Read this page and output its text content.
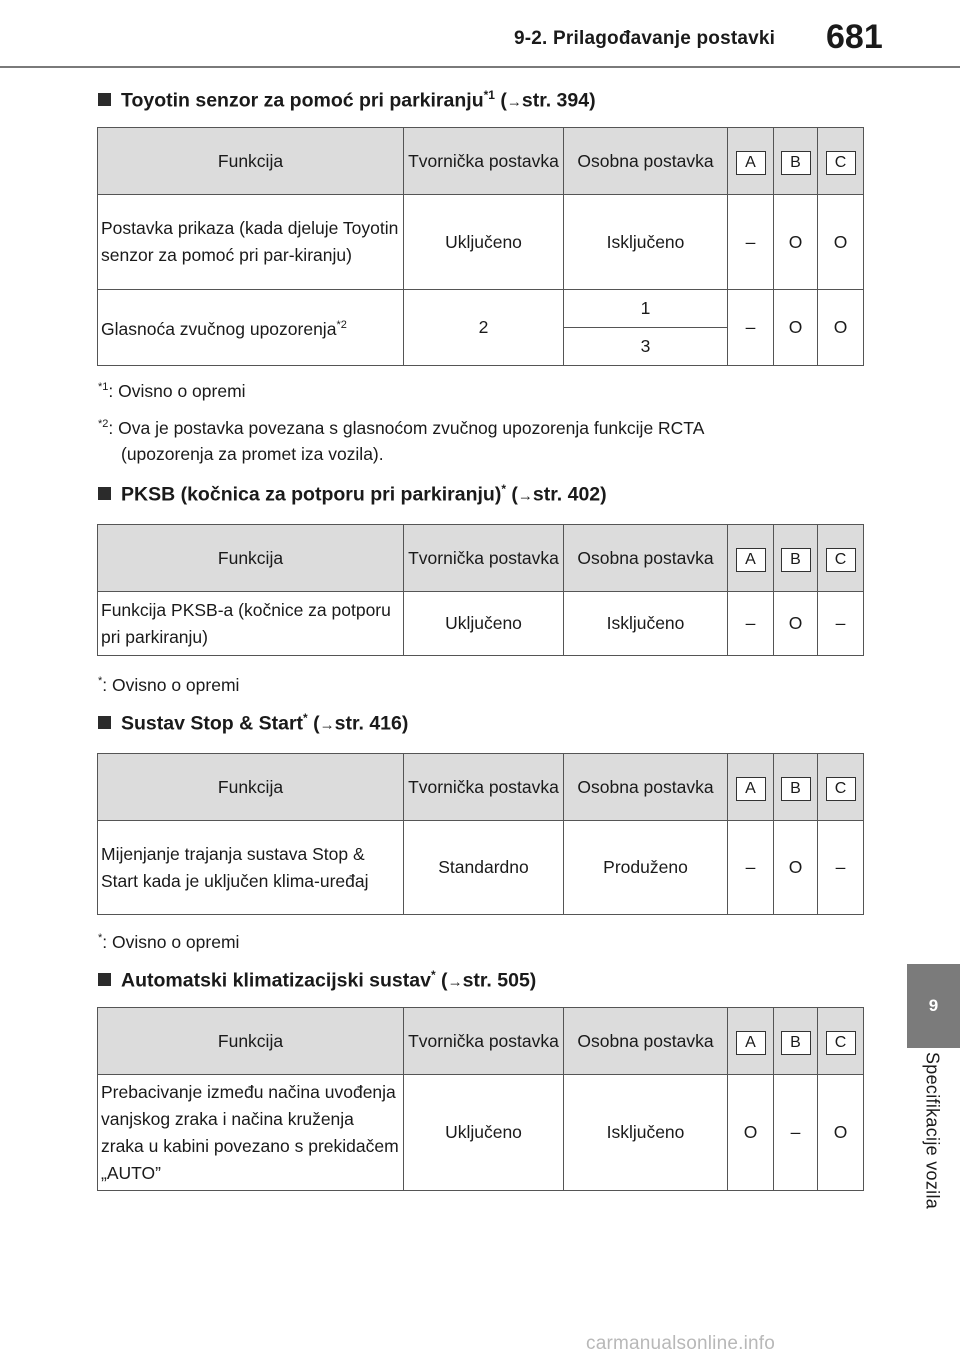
9-2. Prilagođavanje postavki 681
9
Specifikacije vozila
Toyotin senzor za pomoć pri parkiranju$^{*1}$ (→str. 394)
Funkcija	Tvornička postavka	Osobna postavka	A	B	C
Postavka prikaza (kada djeluje Toyotin senzor za pomoć pri par-kiranju)	Uključeno	Isključeno	–	O	O
Glasnoća zvučnog upozorenja$^{*2}$	2	1	–	O	O
		3			
$^{*1}$: Ovisno o opremi
$^{*2}$: Ova je postavka povezana s glasnoćom zvučnog upozorenja funkcije RCTA
(upozorenja za promet iza vozila).
PKSB (kočnica za potporu pri parkiranju)* (→str. 402)
Funkcija	Tvornička postavka	Osobna postavka	A	B	C
Funkcija PKSB-a (kočnice za potporu pri parkiranju)	Uključeno	Isključeno	–	O	–
*: Ovisno o opremi
Sustav Stop & Start* (→str. 416)
Funkcija	Tvornička postavka	Osobna postavka	A	B	C
Mijenjanje trajanja sustava Stop & Start kada je uključen klima-uređaj	Standardno	Produženo	–	O	–
*: Ovisno o opremi
Automatski klimatizacijski sustav* (→str. 505)
Funkcija	Tvornička postavka	Osobna postavka	A	B	C
Prebacivanje između načina uvođenja vanjskog zraka i načina kruženja zraka u kabini povezano s prekidačem „AUTO”	Uključeno	Isključeno	O	–	O
carmanualsonline.info
